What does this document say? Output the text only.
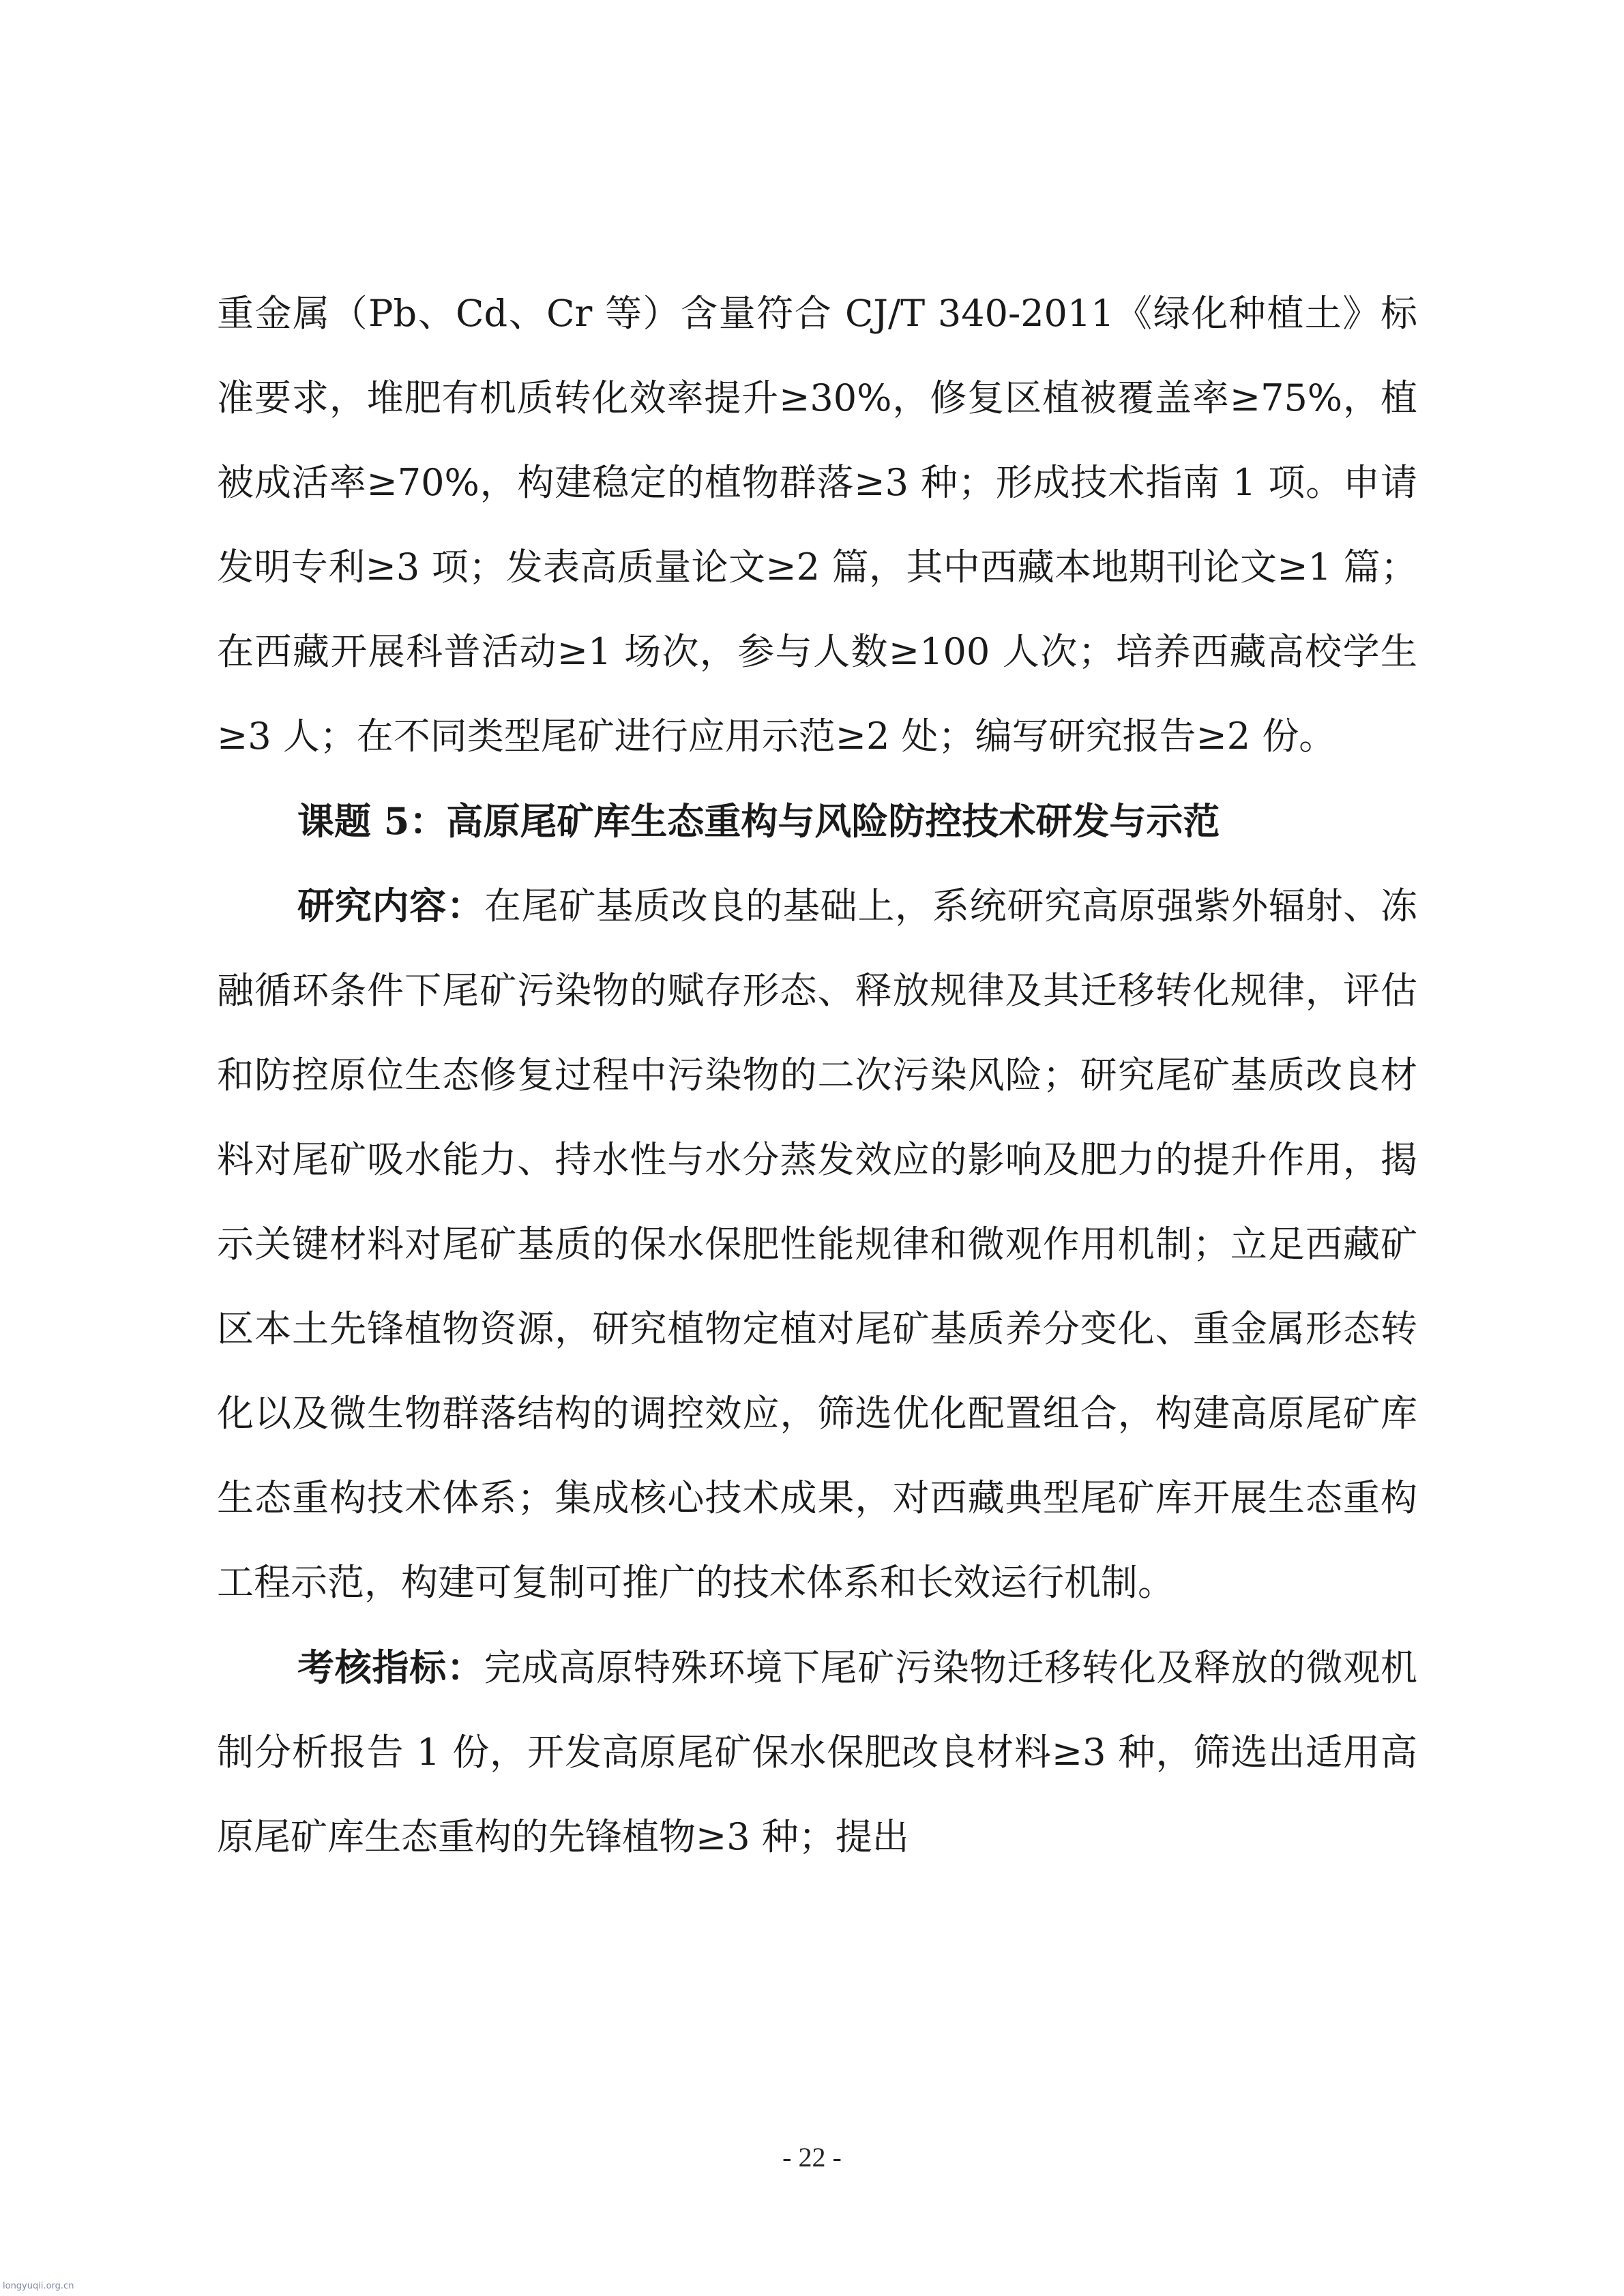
重金属（Pb、Cd、Cr 等）含量符合 CJ/T 340-2011《绿化种植土》标准要求，堆肥有机质转化效率提升≥30%，修复区植被覆盖率≥75%，植被成活率≥70%，构建稳定的植物群落≥3 种；形成技术指南 1 项。申请发明专利≥3 项；发表高质量论文≥2 篇，其中西藏本地期刊论文≥1 篇；在西藏开展科普活动≥1 场次，参与人数≥100 人次；培养西藏高校学生≥3 人；在不同类型尾矿进行应用示范≥2 处；编写研究报告≥2 份。

课题 5：高原尾矿库生态重构与风险防控技术研发与示范

研究内容：在尾矿基质改良的基础上，系统研究高原强紫外辐射、冻融循环条件下尾矿污染物的赋存形态、释放规律及其迁移转化规律，评估和防控原位生态修复过程中污染物的二次污染风险；研究尾矿基质改良材料对尾矿吸水能力、持水性与水分蒸发效应的影响及肥力的提升作用，揭示关键材料对尾矿基质的保水保肥性能规律和微观作用机制；立足西藏矿区本土先锋植物资源，研究植物定植对尾矿基质养分变化、重金属形态转化以及微生物群落结构的调控效应，筛选优化配置组合，构建高原尾矿库生态重构技术体系；集成核心技术成果，对西藏典型尾矿库开展生态重构工程示范，构建可复制可推广的技术体系和长效运行机制。

考核指标：完成高原特殊环境下尾矿污染物迁移转化及释放的微观机制分析报告 1 份，开发高原尾矿保水保肥改良材料≥3 种，筛选出适用高原尾矿库生态重构的先锋植物≥3 种；提出

- 22 -
longyuqii.org.cn
